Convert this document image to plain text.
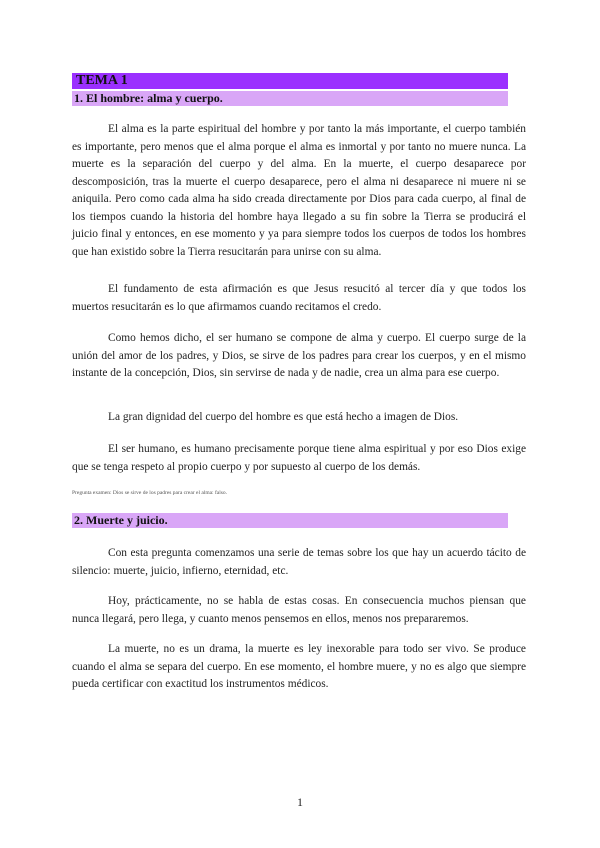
TEMA 1
1. El hombre: alma y cuerpo.

El alma es la parte espiritual del hombre y por tanto la más importante, el cuerpo también es importante, pero menos que el alma porque el alma es inmortal y por tanto no muere nunca. La muerte es la separación del cuerpo y del alma. En la muerte, el cuerpo desaparece por descomposición, tras la muerte el cuerpo desaparece, pero el alma ni desaparece ni muere ni se aniquila. Pero como cada alma ha sido creada directamente por Dios para cada cuerpo, al final de los tiempos cuando la historia del hombre haya llegado a su fin sobre la Tierra se producirá el juicio final y entonces, en ese momento y ya para siempre todos los cuerpos de todos los hombres que han existido sobre la Tierra resucitarán para unirse con su alma.

El fundamento de esta afirmación es que Jesus resucitó al tercer día y que todos los muertos resucitarán es lo que afirmamos cuando recitamos el credo.

Como hemos dicho, el ser humano se compone de alma y cuerpo. El cuerpo surge de la unión del amor de los padres, y Dios, se sirve de los padres para crear los cuerpos, y en el mismo instante de la concepción, Dios, sin servirse de nada y de nadie, crea un alma para ese cuerpo.

La gran dignidad del cuerpo del hombre es que está hecho a imagen de Dios.

El ser humano, es humano precisamente porque tiene alma espiritual y por eso Dios exige que se tenga respeto al propio cuerpo y por supuesto al cuerpo de los demás.

Pregunta examen: Dios se sirve de los padres para crear el alma: falso.
2. Muerte y juicio.

Con esta pregunta comenzamos una serie de temas sobre los que hay un acuerdo tácito de silencio: muerte, juicio, infierno, eternidad, etc.

Hoy, prácticamente, no se habla de estas cosas. En consecuencia muchos piensan que nunca llegará, pero llega, y cuanto menos pensemos en ellos, menos nos prepararemos.

La muerte, no es un drama, la muerte es ley inexorable para todo ser vivo. Se produce cuando el alma se separa del cuerpo. En ese momento, el hombre muere, y no es algo que siempre pueda certificar con exactitud los instrumentos médicos.

1
